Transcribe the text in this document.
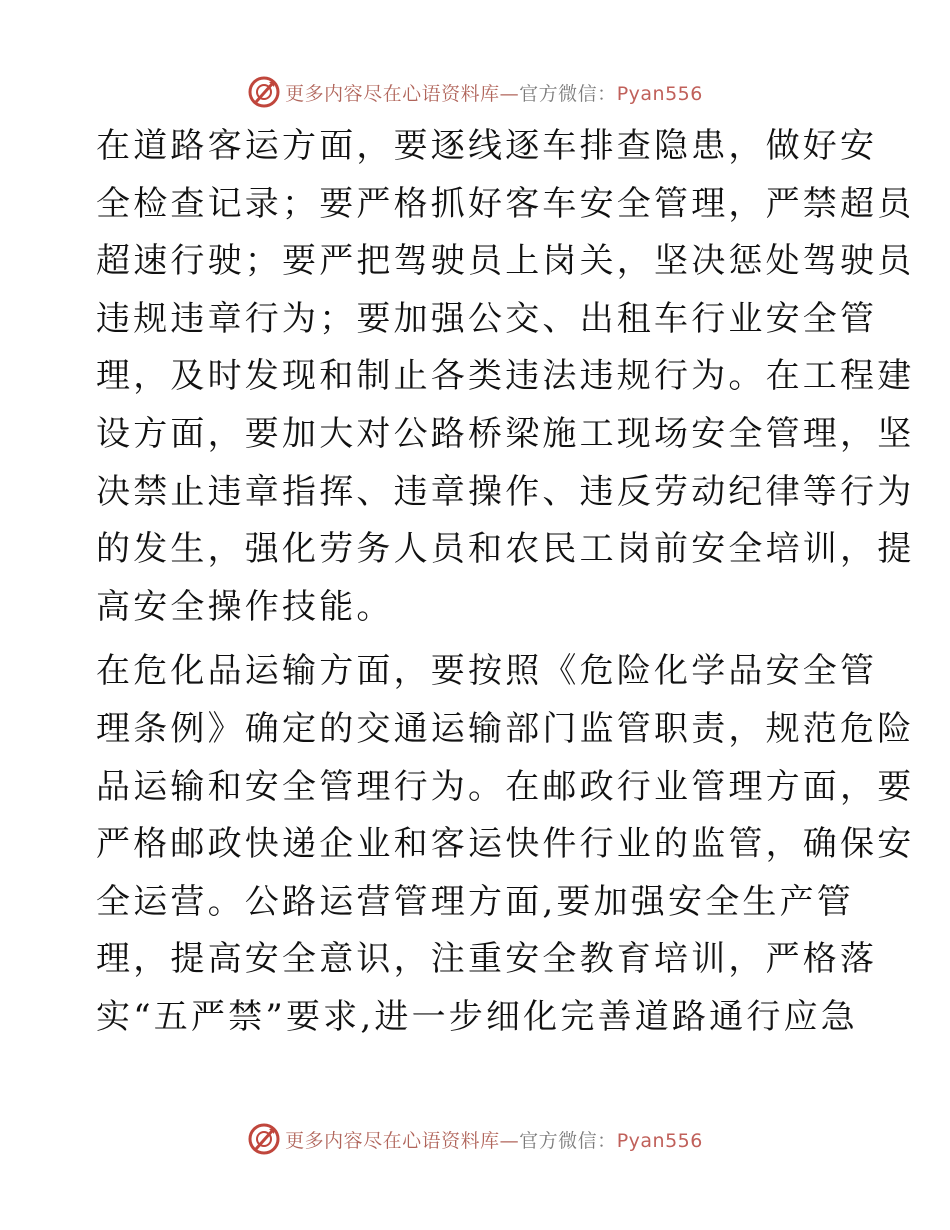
更多内容尽在心语资料库—官方微信：Pyan556

在道路客运方面，要逐线逐车排查隐患，做好安
全检查记录；要严格抓好客车安全管理，严禁超员
超速行驶；要严把驾驶员上岗关，坚决惩处驾驶员
违规违章行为；要加强公交、出租车行业安全管
理，及时发现和制止各类违法违规行为。在工程建
设方面，要加大对公路桥梁施工现场安全管理，坚
决禁止违章指挥、违章操作、违反劳动纪律等行为
的发生，强化劳务人员和农民工岗前安全培训，提
高安全操作技能。

在危化品运输方面，要按照《危险化学品安全管
理条例》确定的交通运输部门监管职责，规范危险
品运输和安全管理行为。在邮政行业管理方面，要
严格邮政快递企业和客运快件行业的监管，确保安
全运营。公路运营管理方面,要加强安全生产管
理，提高安全意识，注重安全教育培训，严格落
实“五严禁”要求,进一步细化完善道路通行应急

更多内容尽在心语资料库—官方微信：Pyan556
